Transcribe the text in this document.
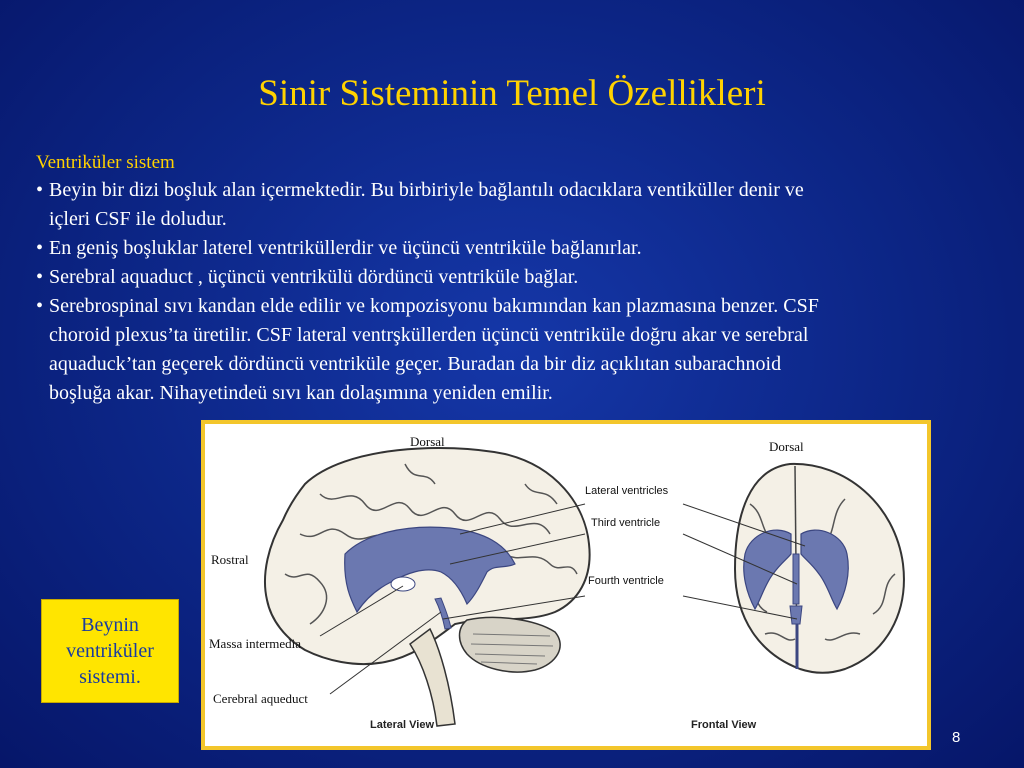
Sinir Sisteminin Temel Özellikleri
Ventriküler sistem
• Beyin bir dizi boşluk alan içermektedir. Bu birbiriyle bağlantılı odacıklara ventiküller denir ve
içleri CSF ile doludur.
• En geniş boşluklar laterel ventriküllerdir ve üçüncü ventriküle bağlanırlar.
• Serebral aquaduct , üçüncü ventrikülü dördüncü ventriküle bağlar.
• Serebrospinal sıvı kandan elde edilir ve kompozisyonu bakımından kan plazmasına benzer. CSF
choroid plexus’ta üretilir. CSF lateral ventrşküllerden üçüncü ventriküle doğru akar ve serebral
aquaduck’tan geçerek dördüncü ventriküle geçer. Buradan da bir diz açıklıtan subarachnoid
boşluğa akar. Nihayetindeü sıvı kan dolaşımına yeniden emilir.
Dorsal	Dorsal
Rostral
Massa intermedia
Cerebral aqueduct
Lateral ventricles
Third ventricle
Fourth ventricle
Lateral View	Frontal View
Beynin
ventriküler
sistemi.
8
